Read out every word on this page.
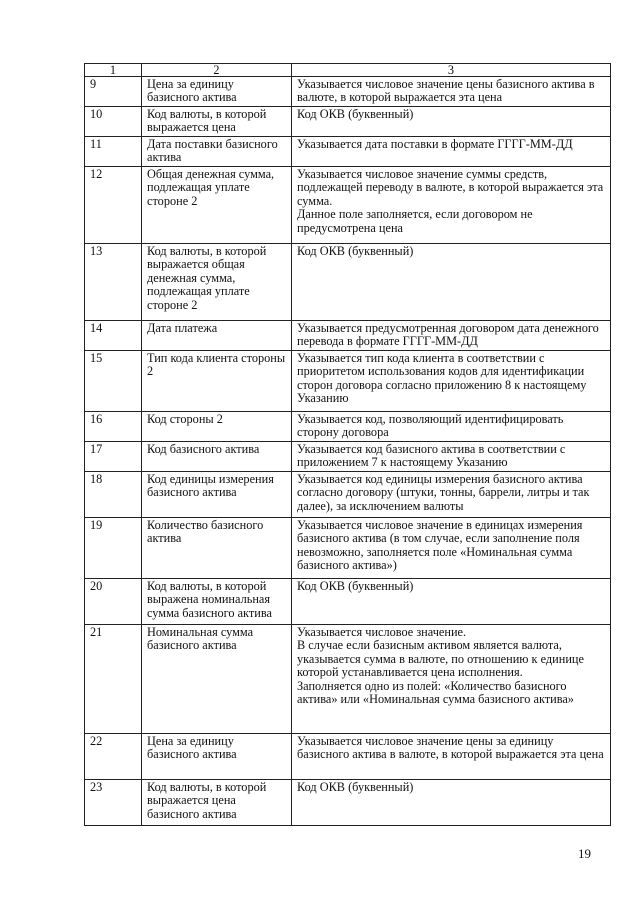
1	2	3
9	Цена за единицу базисного актива	Указывается числовое значение цены базисного актива в валюте, в которой выражается эта цена

10	Код валюты, в которой выражается цена	Код ОКВ (буквенный)

11	Дата поставки базисного актива	Указывается дата поставки в формате ГГГГ-ММ-ДД

12	Общая денежная сумма, подлежащая уплате стороне 2	Указывается числовое значение суммы средств, подлежащей переводу в валюте, в которой выражается эта сумма.
Данное поле заполняется, если договором не предусмотрена цена

13	Код валюты, в которой выражается общая денежная сумма, подлежащая уплате стороне 2	Код ОКВ (буквенный)

14	Дата платежа	Указывается предусмотренная договором дата денежного перевода в формате ГГГГ-ММ-ДД

15	Тип кода клиента стороны 2	Указывается тип кода клиента в соответствии с приоритетом использования кодов для идентификации сторон договора согласно приложению 8 к настоящему Указанию

16	Код стороны 2	Указывается код, позволяющий идентифицировать сторону договора

17	Код базисного актива	Указывается код базисного актива в соответствии с приложением 7 к настоящему Указанию

18	Код единицы измерения базисного актива	Указывается код единицы измерения базисного актива согласно договору (штуки, тонны, баррели, литры и так далее), за исключением валюты

19	Количество базисного актива	Указывается числовое значение в единицах измерения базисного актива (в том случае, если заполнение поля невозможно, заполняется поле «Номинальная сумма базисного актива»)

20	Код валюты, в которой выражена номинальная сумма базисного актива	Код ОКВ (буквенный)

21	Номинальная сумма базисного актива	Указывается числовое значение.
В случае если базисным активом является валюта, указывается сумма в валюте, по отношению к единице которой устанавливается цена исполнения.
Заполняется одно из полей: «Количество базисного актива» или «Номинальная сумма базисного актива»

22	Цена за единицу базисного актива	Указывается числовое значение цены за единицу базисного актива в валюте, в которой выражается эта цена

23	Код валюты, в которой выражается цена базисного актива	Код ОКВ (буквенный)
19
